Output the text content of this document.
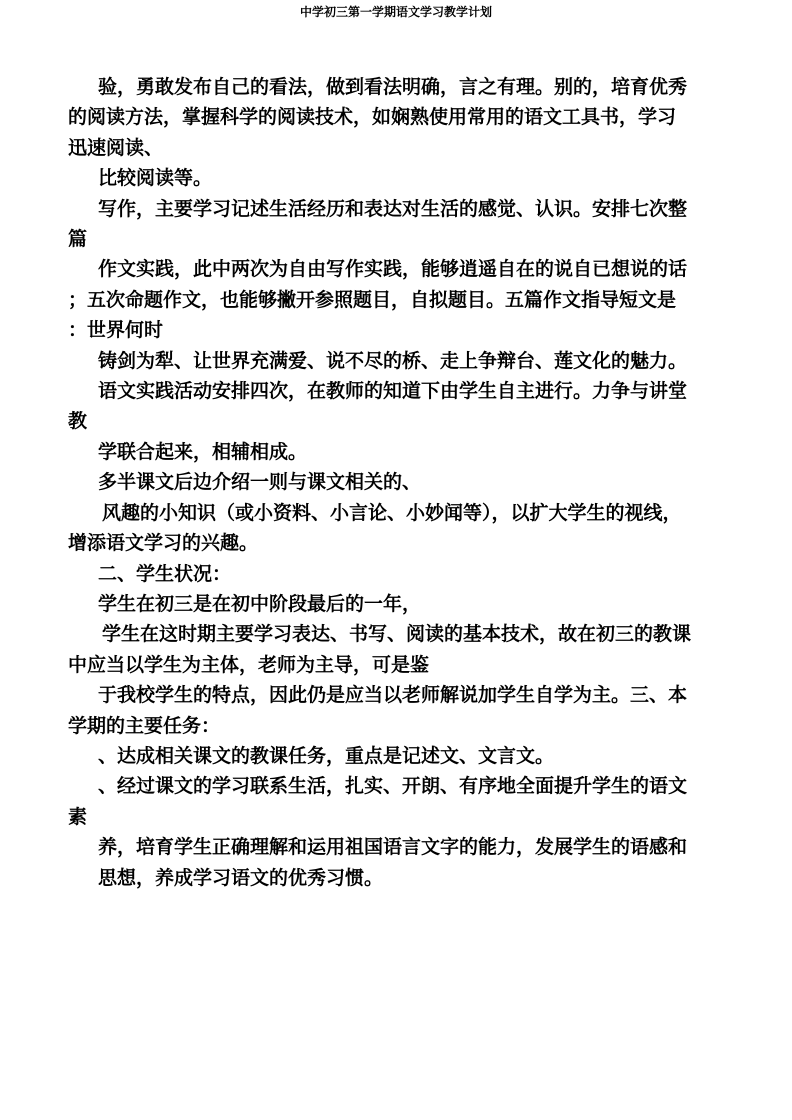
中学初三第一学期语文学习教学计划
验，勇敢发布自己的看法，做到看法明确，言之有理。别的，培育优秀
的阅读方法，掌握科学的阅读技术，如娴熟使用常用的语文工具书，学习
迅速阅读、
比较阅读等。
写作，主要学习记述生活经历和表达对生活的感觉、认识。安排七次整
篇
作文实践，此中两次为自由写作实践，能够逍遥自在的说自已想说的话
；五次命题作文，也能够撇开参照题目，自拟题目。五篇作文指导短文是
：世界何时
铸剑为犁、让世界充满爱、说不尽的桥、走上争辩台、莲文化的魅力。
语文实践活动安排四次，在教师的知道下由学生自主进行。力争与讲堂
教
学联合起来，相辅相成。
多半课文后边介绍一则与课文相关的、
风趣的小知识（或小资料、小言论、小妙闻等），以扩大学生的视线，
增添语文学习的兴趣。
二、学生状况：
学生在初三是在初中阶段最后的一年，
学生在这时期主要学习表达、书写、阅读的基本技术，故在初三的教课
中应当以学生为主体，老师为主导，可是鉴
于我校学生的特点，因此仍是应当以老师解说加学生自学为主。三、本
学期的主要任务：
、达成相关课文的教课任务，重点是记述文、文言文。
、经过课文的学习联系生活，扎实、开朗、有序地全面提升学生的语文
素
养，培育学生正确理解和运用祖国语言文字的能力，发展学生的语感和
思想，养成学习语文的优秀习惯。
